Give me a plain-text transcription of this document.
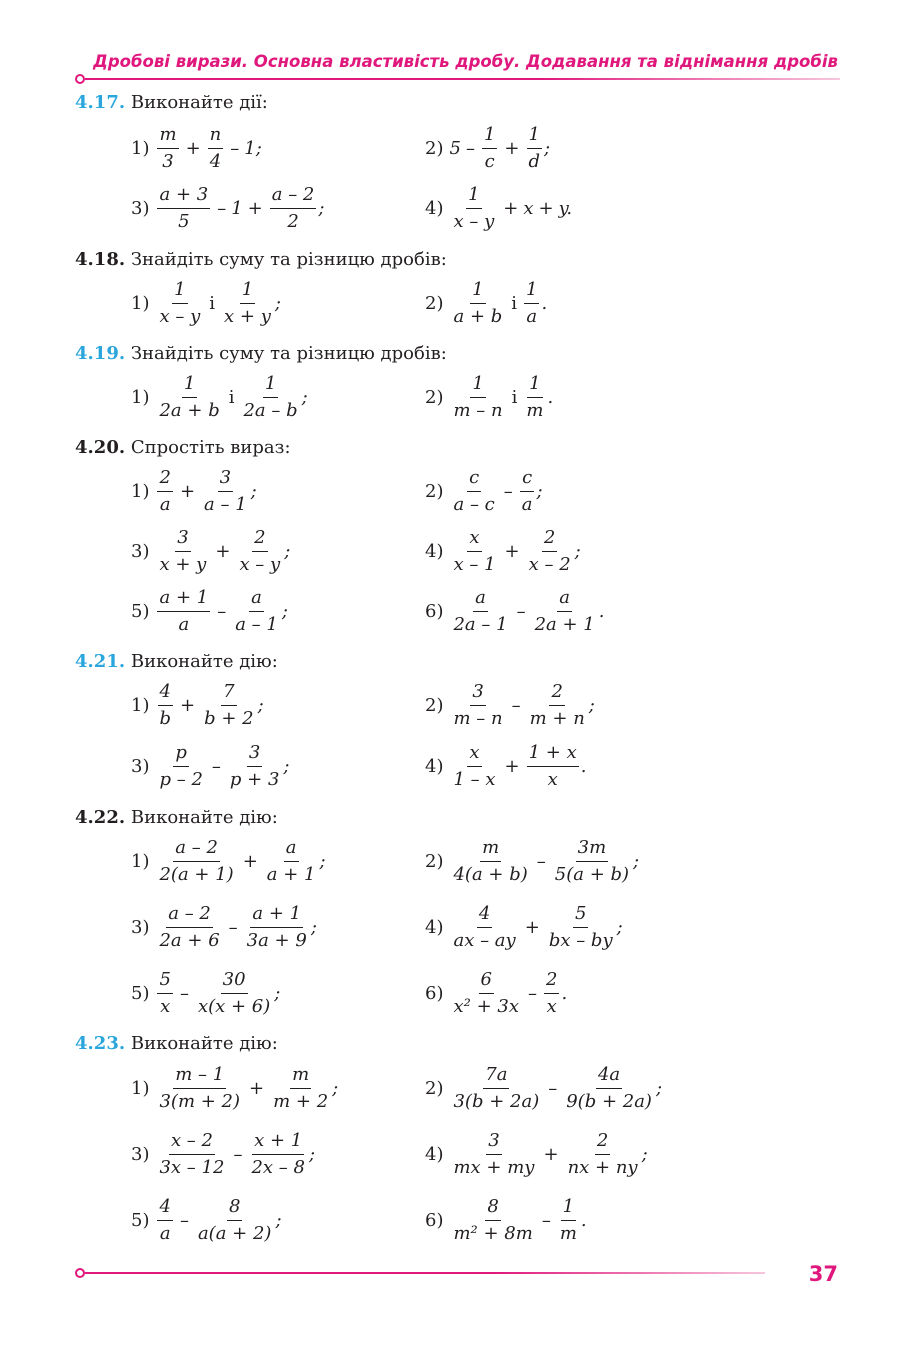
Дробові вирази. Основна властивість дробу. Додавання та віднімання дробів
4.17. Виконайте дії:
$1) \frac{m}{3} + \frac{n}{4} - 1$;	2) $5 - \frac{1}{c} + \frac{1}{d}$ ;
$3) \frac{a + 3}{5} - 1 + \frac{a - 2}{2}$ ;	$4) \frac{1}{x - y} + x + y$.
4.18. Знайдіть суму та різницю дробів:
$1) \frac{1}{x - y}$ і $\frac{1}{x + y}$ ;	$2) \frac{1}{a + b}$ і $\frac{1}{a}$ .
4.19. Знайдіть суму та різницю дробів:
$1) \frac{1}{2a + b}$ і $\frac{1}{2a - b}$ ;	$2) \frac{1}{m - n}$ і $\frac{1}{m}$ .
4.20. Спростіть вираз:
$1) \frac{2}{a} + \frac{3}{a - 1}$ ;	$2) \frac{c}{a - c} - \frac{c}{a}$ ;
$3) \frac{3}{x + y} + \frac{2}{x - y}$ ;	$4) \frac{x}{x - 1} + \frac{2}{x - 2}$ ;
$5) \frac{a + 1}{a} - \frac{a}{a - 1}$ ;	$6) \frac{a}{2a - 1} - \frac{a}{2a + 1}$ .
4.21. Виконайте дію:
$1) \frac{4}{b} + \frac{7}{b + 2}$ ;	$2) \frac{3}{m - n} - \frac{2}{m + n}$ ;
$3) \frac{p}{p - 2} - \frac{3}{p + 3}$ ;	$4) \frac{x}{1 - x} + \frac{1 + x}{x}$ .
4.22. Виконайте дію:
$1) \frac{a - 2}{2(a + 1)} + \frac{a}{a + 1}$ ;	$2) \frac{m}{4(a + b)} - \frac{3m}{5(a + b)}$ ;
$3) \frac{a - 2}{2a + 6} - \frac{a + 1}{3a + 9}$ ;	$4) \frac{4}{ax - ay} + \frac{5}{bx - by}$ ;
$5) \frac{5}{x} - \frac{30}{x(x + 6)}$ ;	$6) \frac{6}{\text{x² + 3x}} - \frac{2}{x}$ .
4.23. Виконайте дію:
$1) \frac{m - 1}{3(m + 2)} + \frac{m}{m + 2}$ ;	$2) \frac{7a}{3(b + 2a)} - \frac{4a}{9(b + 2a)}$ ;
$3) \frac{x - 2}{3x - 12} - \frac{x + 1}{2x - 8}$ ;	$4) \frac{3}{mx + my} + \frac{2}{nx + ny}$ ;
$5) \frac{4}{a} - \frac{8}{a(a + 2)}$ ;	$6) \frac{8}{\text{m² + 8m}} - \frac{1}{m}$ .
37
